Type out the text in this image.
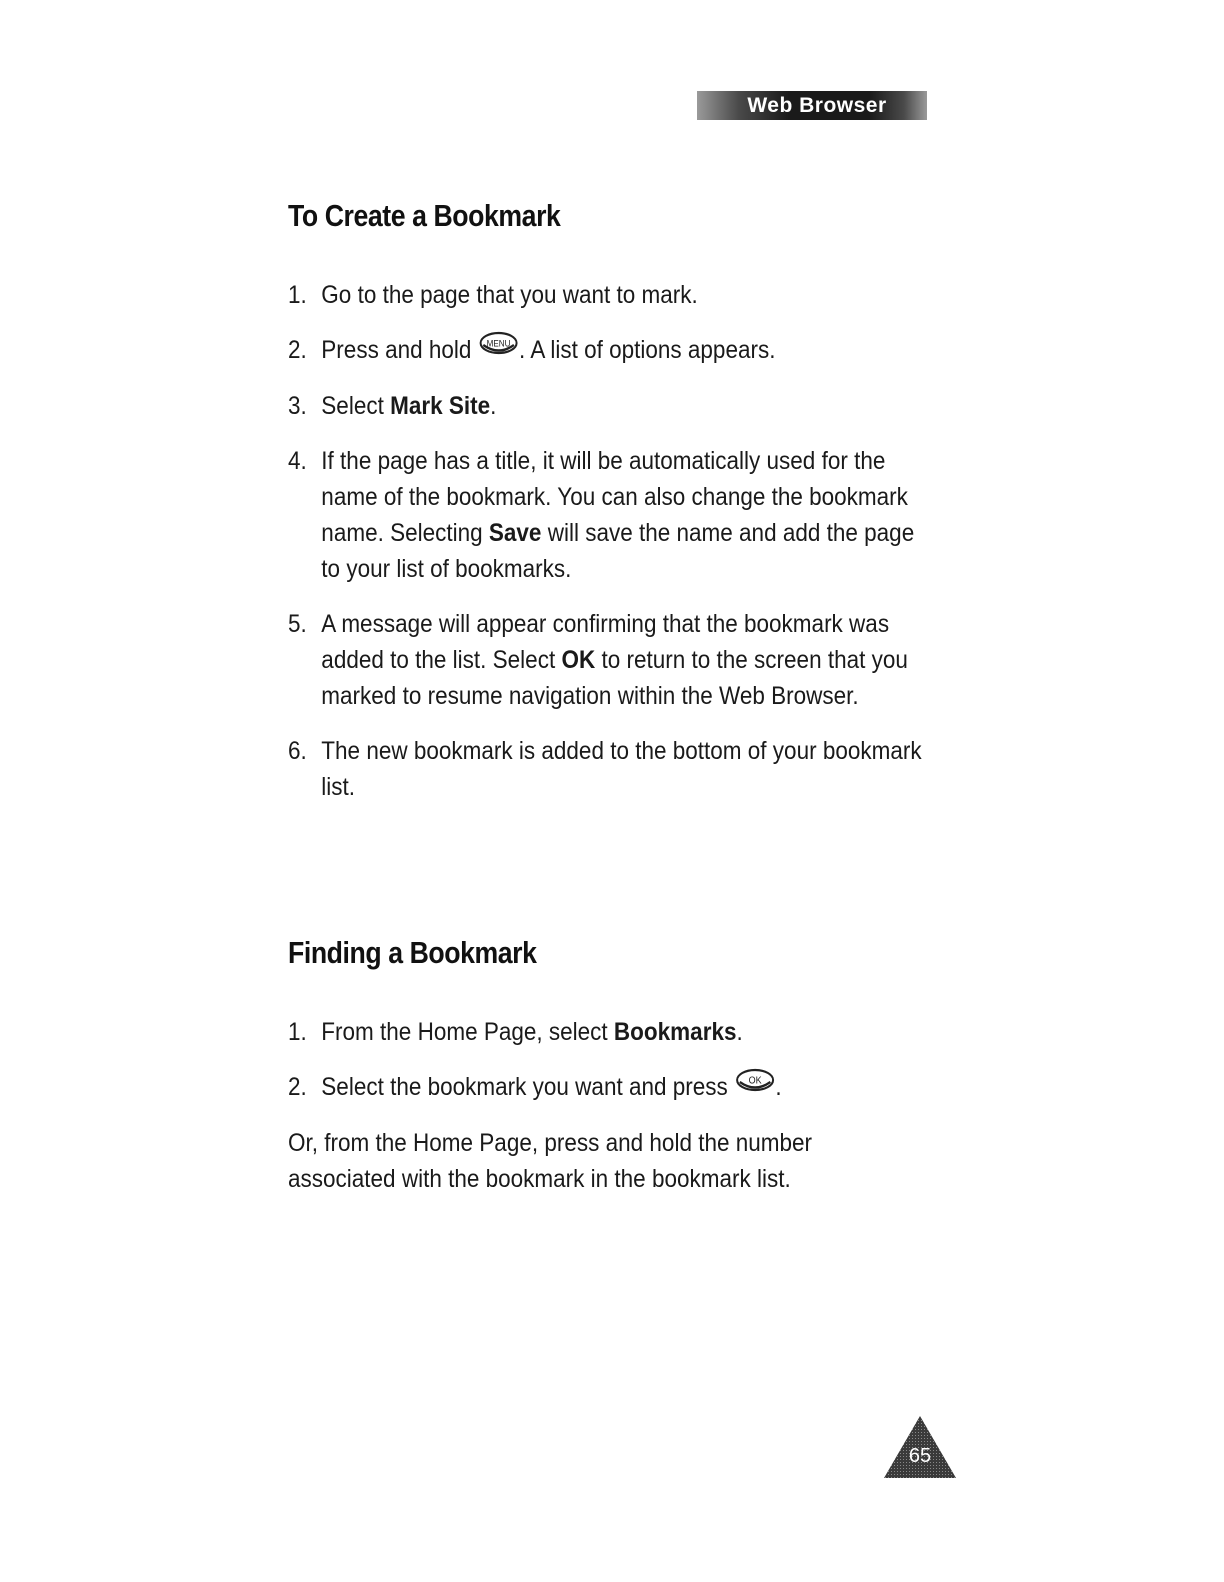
Web Browser
To Create a Bookmark
1. Go to the page that you want to mark.
2. Press and hold MENU . A list of options appears.
3. Select Mark Site.
4. If the page has a title, it will be automatically used for the name of the bookmark. You can also change the bookmark name. Selecting Save will save the name and add the page to your list of bookmarks.
5. A message will appear confirming that the bookmark was added to the list. Select OK to return to the screen that you marked to resume navigation within the Web Browser.
6. The new bookmark is added to the bottom of your bookmark list.
Finding a Bookmark
1. From the Home Page, select Bookmarks.
2. Select the bookmark you want and press OK .

Or, from the Home Page, press and hold the number associated with the bookmark in the bookmark list.

65
